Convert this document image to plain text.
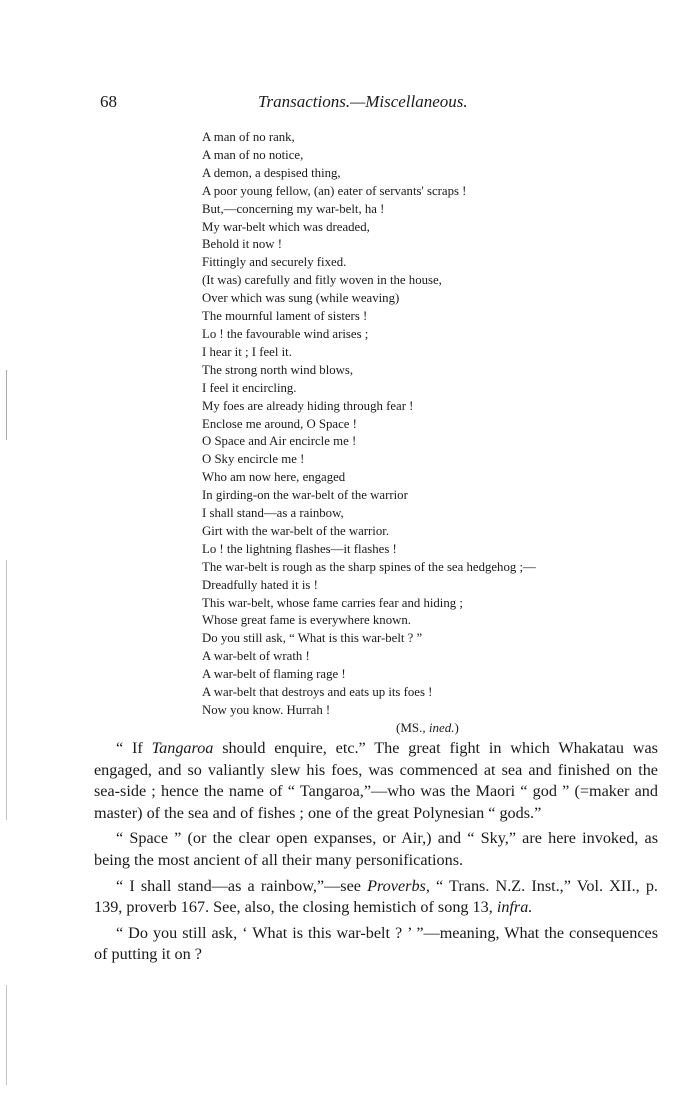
68	Transactions.—Miscellaneous.
A man of no rank,
A man of no notice,
A demon, a despised thing,
A poor young fellow, (an) eater of servants' scraps !
But,—concerning my war-belt, ha !
My war-belt which was dreaded,
Behold it now !
Fittingly and securely fixed.
(It was) carefully and fitly woven in the house,
Over which was sung (while weaving)
The mournful lament of sisters !
Lo ! the favourable wind arises ;
I hear it ; I feel it.
The strong north wind blows,
I feel it encircling.
My foes are already hiding through fear !
Enclose me around, O Space !
O Space and Air encircle me !
O Sky encircle me !
Who am now here, engaged
In girding-on the war-belt of the warrior
I shall stand—as a rainbow,
Girt with the war-belt of the warrior.
Lo ! the lightning flashes—it flashes !
The war-belt is rough as the sharp spines of the sea hedgehog ;—
Dreadfully hated it is !
This war-belt, whose fame carries fear and hiding ;
Whose great fame is everywhere known.
Do you still ask, “ What is this war-belt ? ”
A war-belt of wrath !
A war-belt of flaming rage !
A war-belt that destroys and eats up its foes !
Now you know. Hurrah !
(MS., ined.)

“ If Tangaroa should enquire, etc.” The great fight in which Whakatau was engaged, and so valiantly slew his foes, was commenced at sea and finished on the sea-side ; hence the name of “ Tangaroa,”—who was the Maori “ god ” (=maker and master) of the sea and of fishes ; one of the great Polynesian “ gods.”

“ Space ” (or the clear open expanses, or Air,) and “ Sky,” are here invoked, as being the most ancient of all their many personifications.

“ I shall stand—as a rainbow,”—see Proverbs, “ Trans. N.Z. Inst.,” Vol. XII., p. 139, proverb 167. See, also, the closing hemistich of song 13, infra.

“ Do you still ask, ‘ What is this war-belt ? ’ ”—meaning, What the consequences of putting it on ?
